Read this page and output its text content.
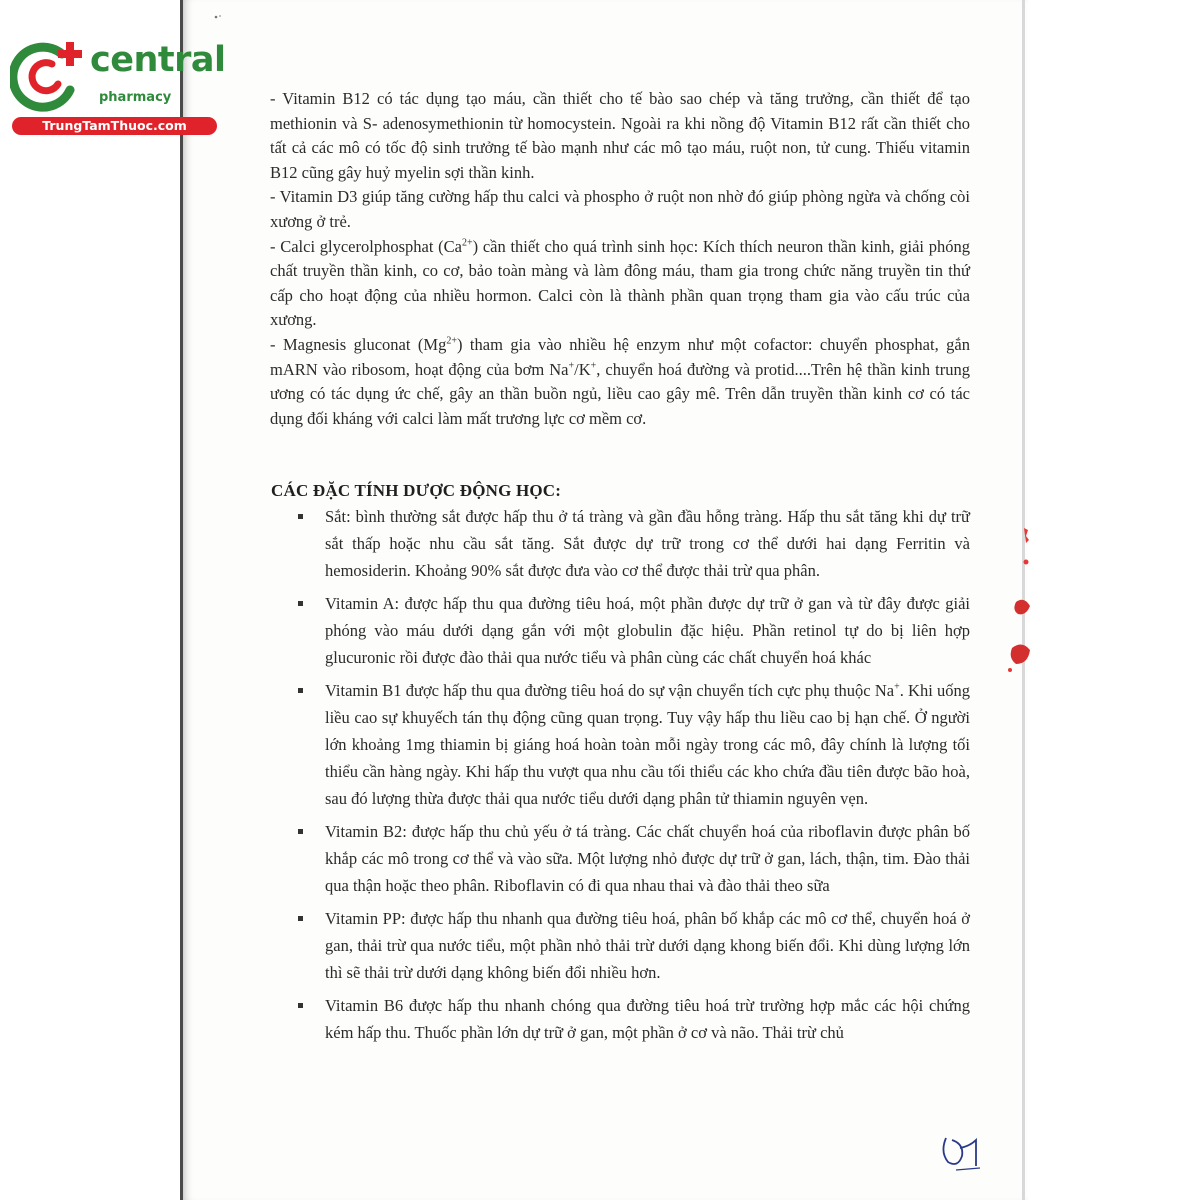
central
pharmacy
TrungTamThuoc.com

- Vitamin B12 có tác dụng tạo máu, cần thiết cho tế bào sao chép và tăng trưởng, cần thiết để tạo methionin và S- adenosymethionin từ homocystein. Ngoài ra khi nồng độ Vitamin B12 rất cần thiết cho tất cả các mô có tốc độ sinh trưởng tế bào mạnh như các mô tạo máu, ruột non, tử cung. Thiếu vitamin B12 cũng gây huỷ myelin sợi thần kinh.

- Vitamin D3 giúp tăng cường hấp thu calci và phospho ở ruột non nhờ đó giúp phòng ngừa và chống còi xương ở trẻ.

- Calci glycerolphosphat $(Ca^{2+})$ cần thiết cho quá trình sinh học: Kích thích neuron thần kinh, giải phóng chất truyền thần kinh, co cơ, bảo toàn màng và làm đông máu, tham gia trong chức năng truyền tin thứ cấp cho hoạt động của nhiều hormon. Calci còn là thành phần quan trọng tham gia vào cấu trúc của xương.

- Magnesis gluconat $(Mg^{2+})$ tham gia vào nhiều hệ enzym như một cofactor: chuyển phosphat, gắn mARN vào ribosom, hoạt động của bơm Na+/K+, chuyển hoá đường và protid....Trên hệ thần kinh trung ương có tác dụng ức chế, gây an thần buồn ngủ, liều cao gây mê. Trên dẫn truyền thần kinh cơ có tác dụng đối kháng với calci làm mất trương lực cơ mềm cơ.

CÁC ĐẶC TÍNH DƯỢC ĐỘNG HỌC:
Sắt: bình thường sắt được hấp thu ở tá tràng và gần đầu hỗng tràng. Hấp thu sắt tăng khi dự trữ sắt thấp hoặc nhu cầu sắt tăng. Sắt được dự trữ trong cơ thể dưới hai dạng Ferritin và hemosiderin. Khoảng 90% sắt được đưa vào cơ thể được thải trừ qua phân.
Vitamin A: được hấp thu qua đường tiêu hoá, một phần được dự trữ ở gan và từ đây được giải phóng vào máu dưới dạng gắn với một globulin đặc hiệu. Phần retinol tự do bị liên hợp glucuronic rồi được đào thải qua nước tiểu và phân cùng các chất chuyển hoá khác
Vitamin B1 được hấp thu qua đường tiêu hoá do sự vận chuyển tích cực phụ thuộc Na+. Khi uống liều cao sự khuyếch tán thụ động cũng quan trọng. Tuy vậy hấp thu liều cao bị hạn chế. Ở người lớn khoảng 1mg thiamin bị giáng hoá hoàn toàn mỗi ngày trong các mô, đây chính là lượng tối thiểu cần hàng ngày. Khi hấp thu vượt qua nhu cầu tối thiểu các kho chứa đầu tiên được bão hoà, sau đó lượng thừa được thải qua nước tiểu dưới dạng phân tử thiamin nguyên vẹn.
Vitamin B2: được hấp thu chủ yếu ở tá tràng. Các chất chuyển hoá của riboflavin được phân bố khắp các mô trong cơ thể và vào sữa. Một lượng nhỏ được dự trữ ở gan, lách, thận, tim. Đào thải qua thận hoặc theo phân. Riboflavin có đi qua nhau thai và đào thải theo sữa
Vitamin PP: được hấp thu nhanh qua đường tiêu hoá, phân bố khắp các mô cơ thể, chuyển hoá ở gan, thải trừ qua nước tiểu, một phần nhỏ thải trừ dưới dạng khong biến đổi. Khi dùng lượng lớn thì sẽ thải trừ dưới dạng không biến đổi nhiều hơn.
Vitamin B6 được hấp thu nhanh chóng qua đường tiêu hoá trừ trường hợp mắc các hội chứng kém hấp thu. Thuốc phần lớn dự trữ ở gan, một phần ở cơ và não. Thải trừ chủ
